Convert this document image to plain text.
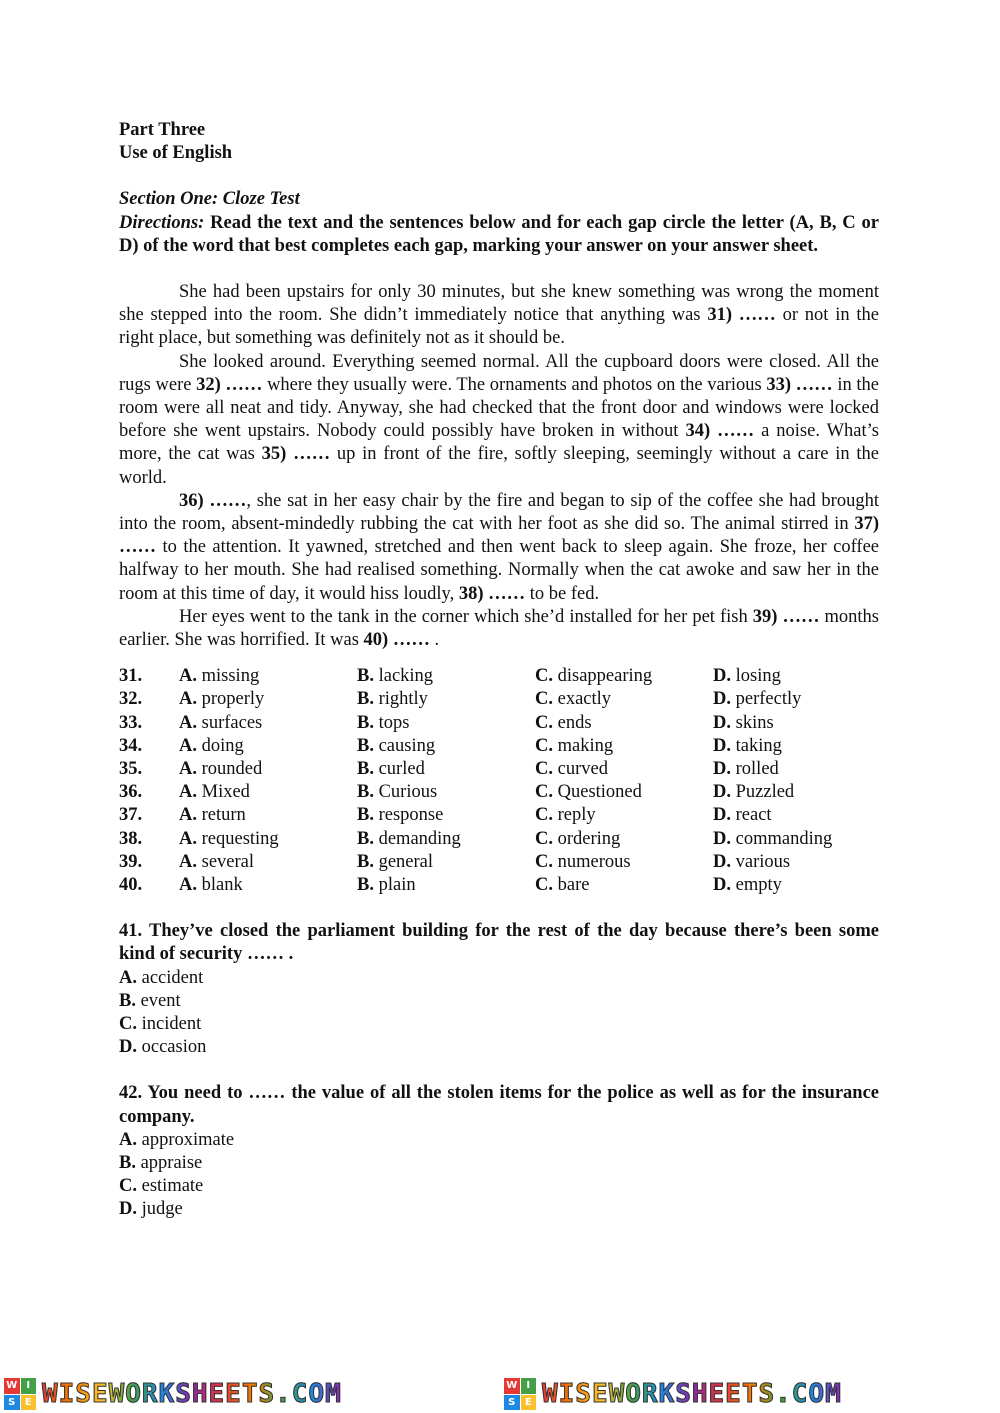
Part Three
Use of English
Section One: Cloze Test
Directions: Read the text and the sentences below and for each gap circle the letter (A, B, C or D) of the word that best completes each gap, marking your answer on your answer sheet.

She had been upstairs for only 30 minutes, but she knew something was wrong the moment she stepped into the room. She didn’t immediately notice that anything was 31) …… or not in the right place, but something was definitely not as it should be.

She looked around. Everything seemed normal. All the cupboard doors were closed. All the rugs were 32) …… where they usually were. The ornaments and photos on the various 33) …… in the room were all neat and tidy. Anyway, she had checked that the front door and windows were locked before she went upstairs. Nobody could possibly have broken in without 34) …… a noise. What’s more, the cat was 35) …… up in front of the fire, softly sleeping, seemingly without a care in the world.

36) ……, she sat in her easy chair by the fire and began to sip of the coffee she had brought into the room, absent-mindedly rubbing the cat with her foot as she did so. The animal stirred in 37) …… to the attention. It yawned, stretched and then went back to sleep again. She froze, her coffee halfway to her mouth. She had realised something. Normally when the cat awoke and saw her in the room at this time of day, it would hiss loudly, 38) …… to be fed.

Her eyes went to the tank in the corner which she’d installed for her pet fish 39) …… months earlier. She was horrified. It was 40) …… .

31.	A. missing	B. lacking	C. disappearing	D. losing
32.	A. properly	B. rightly	C. exactly	D. perfectly
33.	A. surfaces	B. tops	C. ends	D. skins
34.	A. doing	B. causing	C. making	D. taking
35.	A. rounded	B. curled	C. curved	D. rolled
36.	A. Mixed	B. Curious	C. Questioned	D. Puzzled
37.	A. return	B. response	C. reply	D. react
38.	A. requesting	B. demanding	C. ordering	D. commanding
39.	A. several	B. general	C. numerous	D. various
40.	A. blank	B. plain	C. bare	D. empty
41. They’ve closed the parliament building for the rest of the day because there’s been some kind of security …… .
A. accident
B. event
C. incident
D. occasion
42. You need to …… the value of all the stolen items for the police as well as for the insurance company.
A. approximate
B. appraise
C. estimate
D. judge
W I
S E WISEWORKSHEETS.COM	W I
S E WISEWORKSHEETS.COM
